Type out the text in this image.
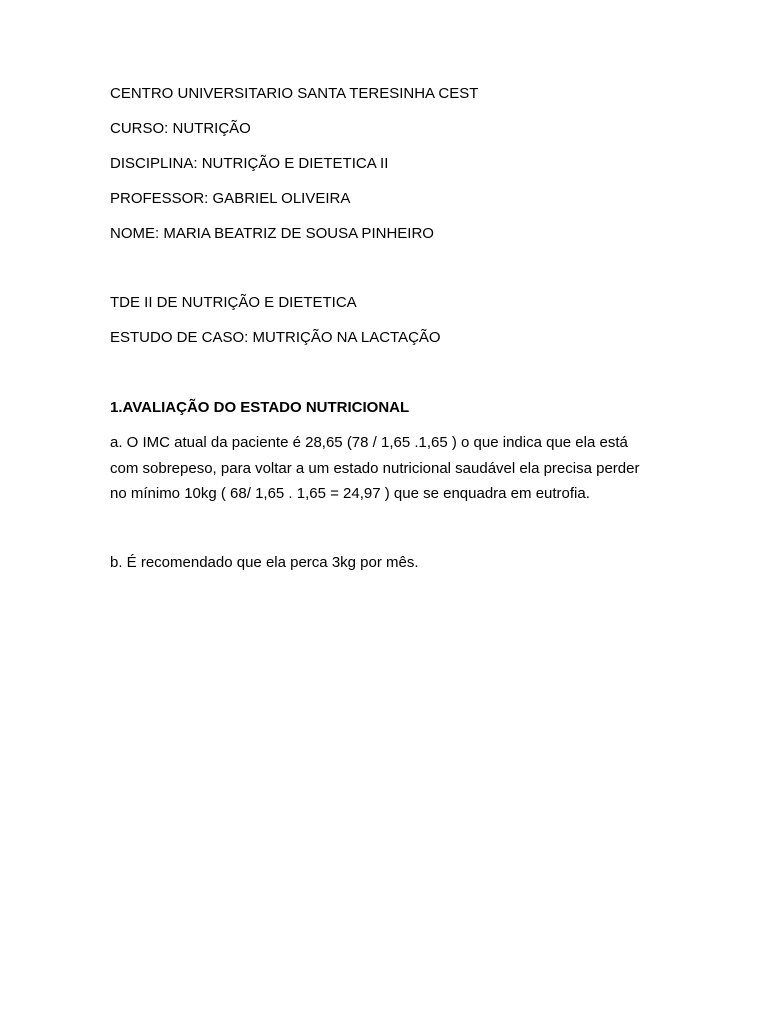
CENTRO UNIVERSITARIO SANTA TERESINHA CEST
CURSO: NUTRIÇÃO
DISCIPLINA: NUTRIÇÃO E DIETETICA II
PROFESSOR: GABRIEL OLIVEIRA
NOME: MARIA BEATRIZ DE SOUSA PINHEIRO
TDE II DE NUTRIÇÃO E DIETETICA
ESTUDO DE CASO: MUTRIÇÃO NA LACTAÇÃO
1.AVALIAÇÃO DO ESTADO NUTRICIONAL
a. O IMC atual da paciente é 28,65 (78 / 1,65 .1,65 ) o que indica que ela está
com sobrepeso, para voltar a um estado nutricional saudável ela precisa perder
no mínimo 10kg ( 68/ 1,65 . 1,65 = 24,97 ) que se enquadra em eutrofia.
b. É recomendado que ela perca 3kg por mês.
